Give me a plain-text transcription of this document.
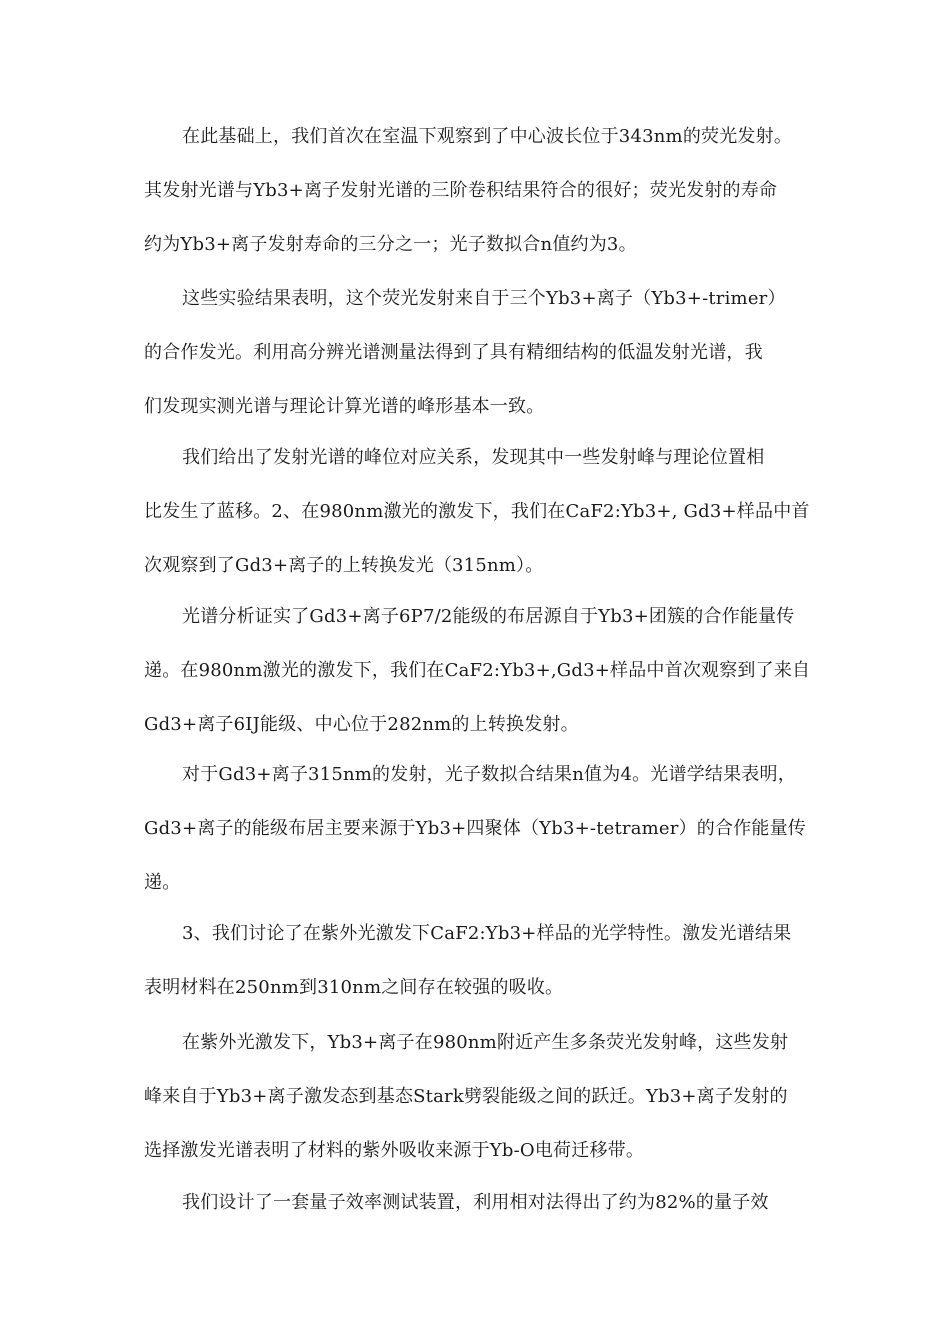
在此基础上，我们首次在室温下观察到了中心波长位于343nm的荧光发射。
其发射光谱与Yb3+离子发射光谱的三阶卷积结果符合的很好；荧光发射的寿命
约为Yb3+离子发射寿命的三分之一；光子数拟合n值约为3。
这些实验结果表明，这个荧光发射来自于三个Yb3+离子（Yb3+-trimer）
的合作发光。利用高分辨光谱测量法得到了具有精细结构的低温发射光谱，我
们发现实测光谱与理论计算光谱的峰形基本一致。
我们给出了发射光谱的峰位对应关系，发现其中一些发射峰与理论位置相
比发生了蓝移。2、在980nm激光的激发下，我们在CaF2:Yb3+, Gd3+样品中首
次观察到了Gd3+离子的上转换发光（315nm）。
光谱分析证实了Gd3+离子6P7/2能级的布居源自于Yb3+团簇的合作能量传
递。在980nm激光的激发下，我们在CaF2:Yb3+,Gd3+样品中首次观察到了来自
Gd3+离子6IJ能级、中心位于282nm的上转换发射。
对于Gd3+离子315nm的发射，光子数拟合结果n值为4。光谱学结果表明，
Gd3+离子的能级布居主要来源于Yb3+四聚体（Yb3+-tetramer）的合作能量传
递。
3、我们讨论了在紫外光激发下CaF2:Yb3+样品的光学特性。激发光谱结果
表明材料在250nm到310nm之间存在较强的吸收。
在紫外光激发下，Yb3+离子在980nm附近产生多条荧光发射峰，这些发射
峰来自于Yb3+离子激发态到基态Stark劈裂能级之间的跃迁。Yb3+离子发射的
选择激发光谱表明了材料的紫外吸收来源于Yb-O电荷迁移带。
我们设计了一套量子效率测试装置，利用相对法得出了约为82%的量子效
